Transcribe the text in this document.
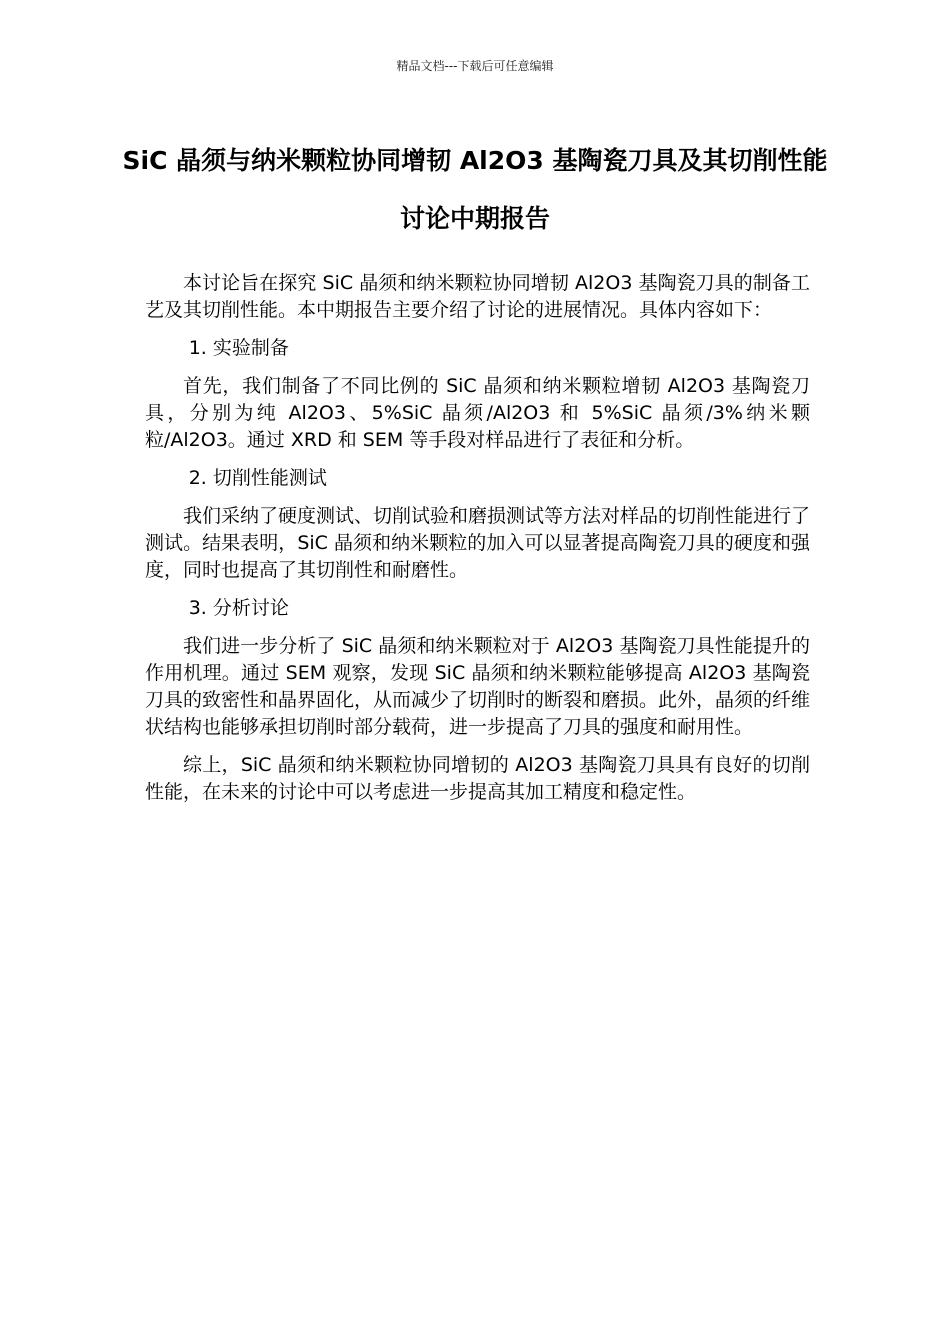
精品文档---下载后可任意编辑
SiC 晶须与纳米颗粒协同增韧 Al2O3 基陶瓷刀具及其切削性能讨论中期报告

本讨论旨在探究 SiC 晶须和纳米颗粒协同增韧 Al2O3 基陶瓷刀具的制备工艺及其切削性能。本中期报告主要介绍了讨论的进展情况。具体内容如下：

1. 实验制备

首先，我们制备了不同比例的 SiC 晶须和纳米颗粒增韧 Al2O3 基陶瓷刀具，分别为纯 Al2O3、5%SiC 晶须/Al2O3 和 5%SiC 晶须/3%纳米颗粒/Al2O3。通过 XRD 和 SEM 等手段对样品进行了表征和分析。

2. 切削性能测试

我们采纳了硬度测试、切削试验和磨损测试等方法对样品的切削性能进行了测试。结果表明，SiC 晶须和纳米颗粒的加入可以显著提高陶瓷刀具的硬度和强度，同时也提高了其切削性和耐磨性。

3. 分析讨论

我们进一步分析了 SiC 晶须和纳米颗粒对于 Al2O3 基陶瓷刀具性能提升的作用机理。通过 SEM 观察，发现 SiC 晶须和纳米颗粒能够提高 Al2O3 基陶瓷刀具的致密性和晶界固化，从而减少了切削时的断裂和磨损。此外，晶须的纤维状结构也能够承担切削时部分载荷，进一步提高了刀具的强度和耐用性。

综上，SiC 晶须和纳米颗粒协同增韧的 Al2O3 基陶瓷刀具具有良好的切削性能，在未来的讨论中可以考虑进一步提高其加工精度和稳定性。
